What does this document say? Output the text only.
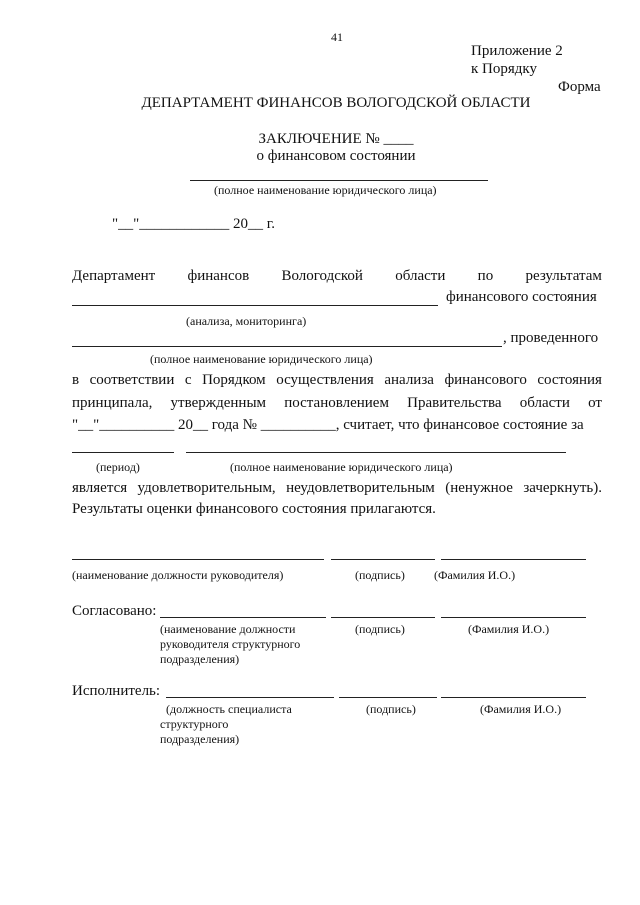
41
Приложение 2
к Порядку
Форма
ДЕПАРТАМЕНТ ФИНАНСОВ ВОЛОГОДСКОЙ ОБЛАСТИ
ЗАКЛЮЧЕНИЕ № ____
о финансовом состоянии
(полное наименование юридического лица)
"__"____________ 20__ г.
Департамент финансов Вологодской области по результатам
финансового состояния
(анализа, мониторинга)
, проведенного
(полное наименование юридического лица)
в соответствии с Порядком осуществления анализа финансового состояния
принципала, утвержденным постановлением Правительства области от
"__"__________ 20__ года № __________, считает, что финансовое состояние за
(период)	(полное наименование юридического лица)
является удовлетворительным, неудовлетворительным (ненужное зачеркнуть).
Результаты оценки финансового состояния прилагаются.
(наименование должности руководителя)	(подпись) (Фамилия И.О.)
Согласовано:
(наименование должности
руководителя структурного
подразделения)
(подпись)	(Фамилия И.О.)
Исполнитель:
(должность специалиста
структурного
подразделения)
(подпись)	(Фамилия И.О.)
